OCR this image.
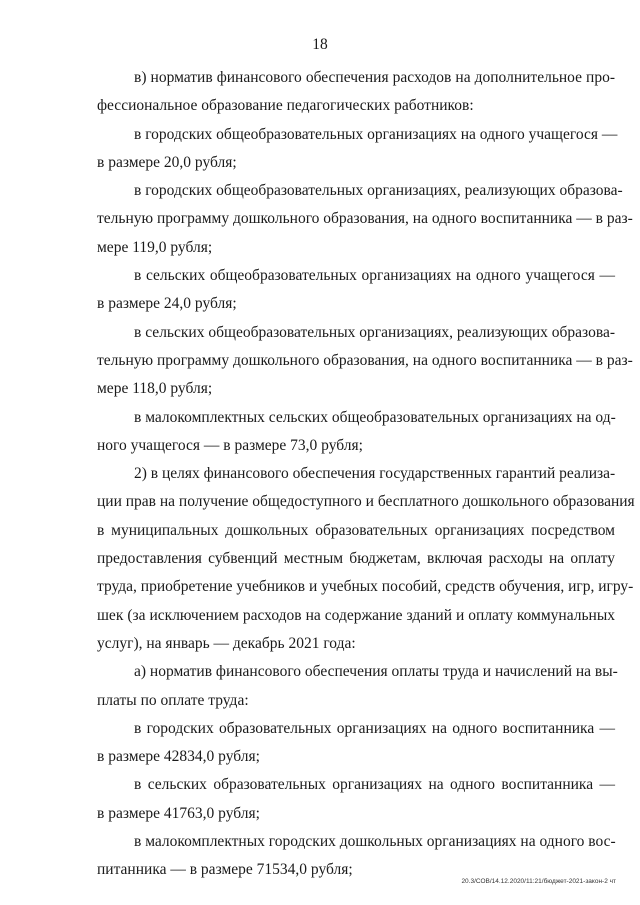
18
в) норматив финансового обеспечения расходов на дополнительное про-
фессиональное образование педагогических работников:
в городских общеобразовательных организациях на одного учащегося —
в размере 20,0 рубля;
в городских общеобразовательных организациях, реализующих образова-
тельную программу дошкольного образования, на одного воспитанника — в раз-
мере 119,0 рубля;
в сельских общеобразовательных организациях на одного учащегося —
в размере 24,0 рубля;
в сельских общеобразовательных организациях, реализующих образова-
тельную программу дошкольного образования, на одного воспитанника — в раз-
мере 118,0 рубля;
в малокомплектных сельских общеобразовательных организациях на од-
ного учащегося — в размере 73,0 рубля;
2) в целях финансового обеспечения государственных гарантий реализа-
ции прав на получение общедоступного и бесплатного дошкольного образования
в муниципальных дошкольных образовательных организациях посредством
предоставления субвенций местным бюджетам, включая расходы на оплату
труда, приобретение учебников и учебных пособий, средств обучения, игр, игру-
шек (за исключением расходов на содержание зданий и оплату коммунальных
услуг), на январь — декабрь 2021 года:
а) норматив финансового обеспечения оплаты труда и начислений на вы-
платы по оплате труда:
в городских образовательных организациях на одного воспитанника —
в размере 42834,0 рубля;
в сельских образовательных организациях на одного воспитанника —
в размере 41763,0 рубля;
в малокомплектных городских дошкольных организациях на одного вос-
питанника — в размере 71534,0 рубля;
20.3/СОВ/14.12.2020/11:21/бюджет-2021-закон-2 чт
